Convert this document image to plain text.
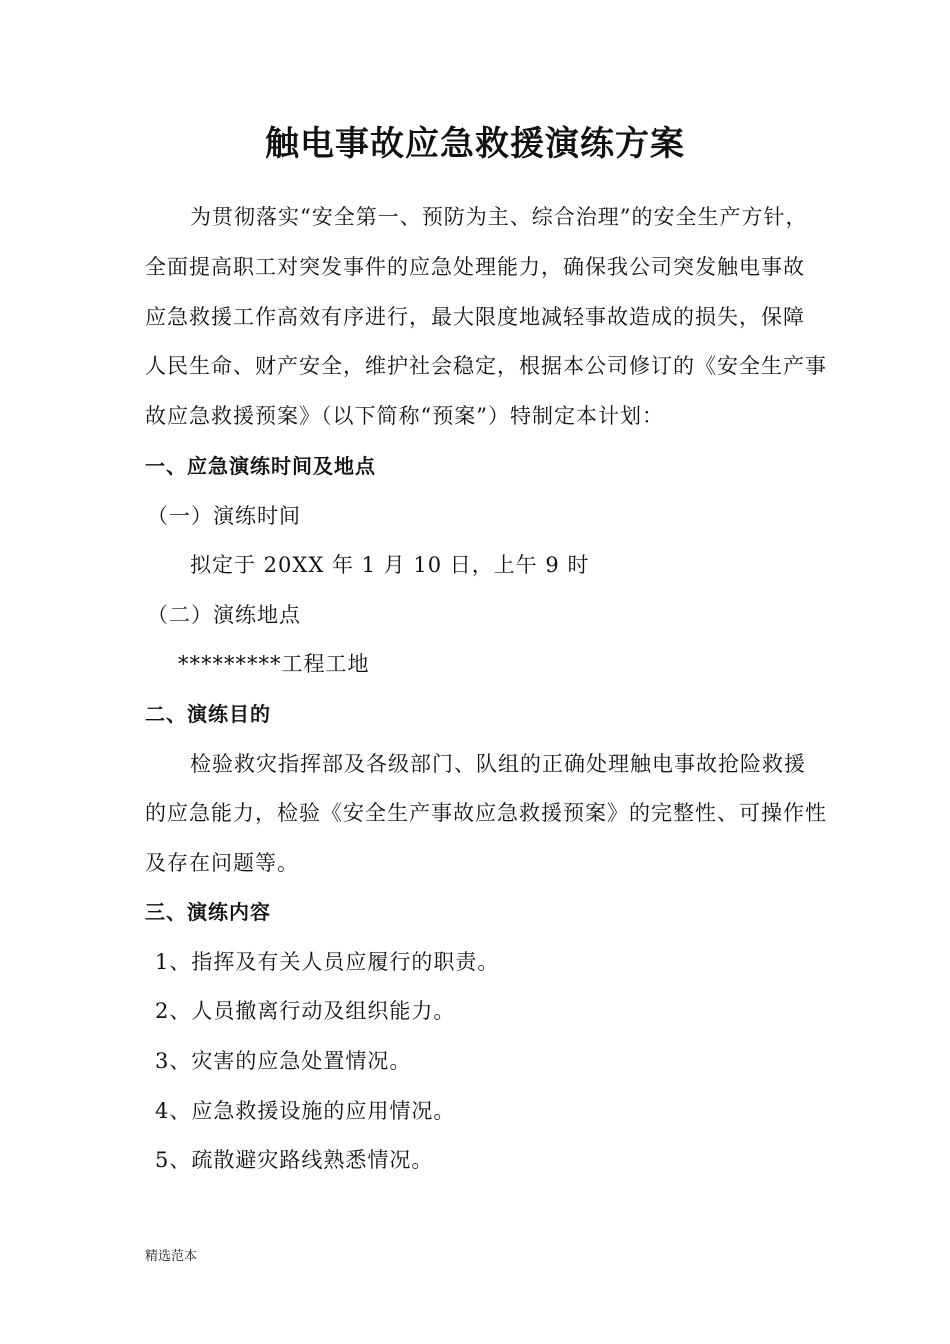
触电事故应急救援演练方案
为贯彻落实“安全第一、预防为主、综合治理”的安全生产方针，
全面提高职工对突发事件的应急处理能力，确保我公司突发触电事故
应急救援工作高效有序进行，最大限度地减轻事故造成的损失，保障
人民生命、财产安全，维护社会稳定，根据本公司修订的《安全生产事
故应急救援预案》（以下简称“预案”）特制定本计划：
一、应急演练时间及地点
（一）演练时间
拟定于 20XX 年 1 月 10 日，上午 9 时
（二）演练地点
*********工程工地
二、演练目的
检验救灾指挥部及各级部门、队组的正确处理触电事故抢险救援
的应急能力，检验《安全生产事故应急救援预案》的完整性、可操作性
及存在问题等。
三、演练内容
1、指挥及有关人员应履行的职责。
2、人员撤离行动及组织能力。
3、灾害的应急处置情况。
4、应急救援设施的应用情况。
5、疏散避灾路线熟悉情况。
精选范本
